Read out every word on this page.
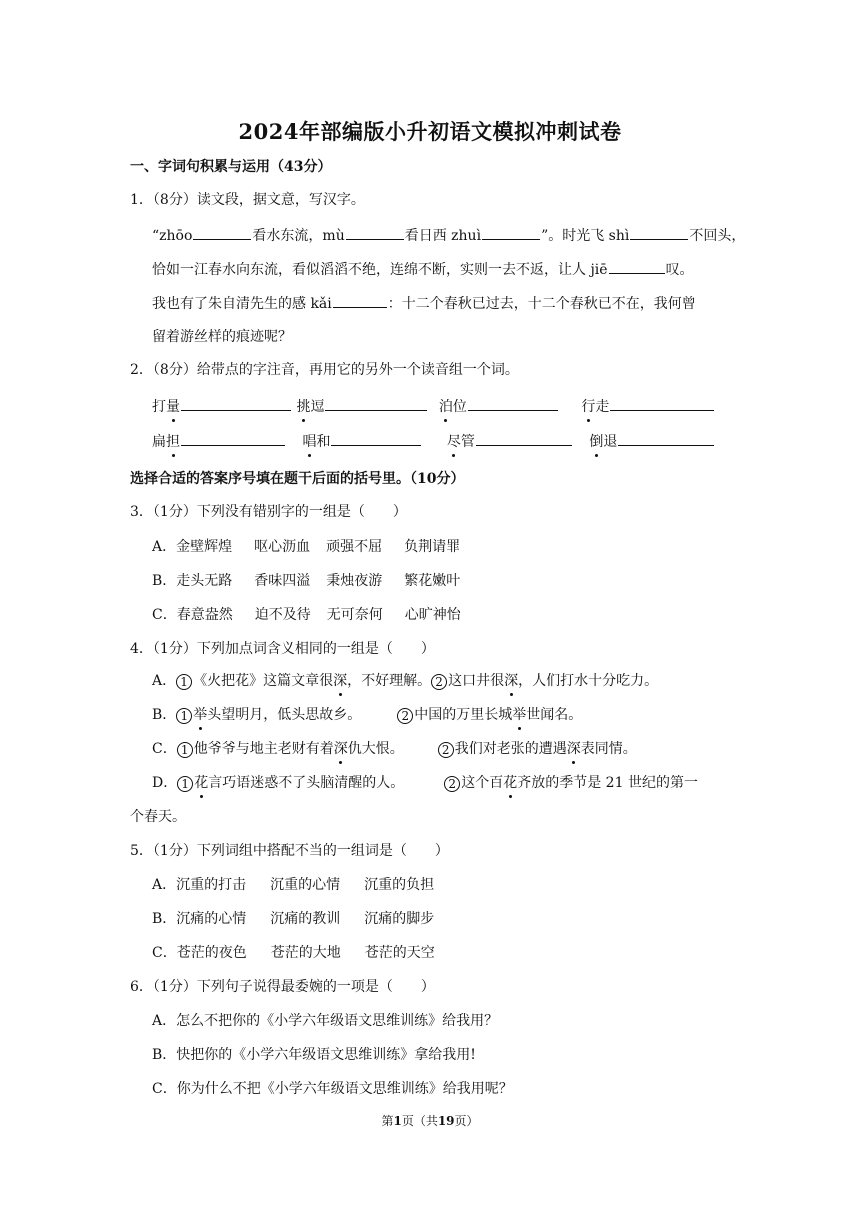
2024年部编版小升初语文模拟冲刺试卷
一、字词句积累与运用（43分）
1．（8分）读文段，据文意，写汉字。
“zhōo	看水东流，mù	看日西 zhuì	”。时光飞 shì	不回头，
恰如一江春水向东流，看似滔滔不绝，连绵不断，实则一去不返，让人 jiē	叹。
我也有了朱自清先生的感 kǎi	：十二个春秋已过去，十二个春秋已不在，我何曾
留着游丝样的痕迹呢？
2．（8分）给带点的字注音，再用它的另外一个读音组一个词。
打量	挑逗	泊位	行走
扁担	唱和	尽管	倒退
选择合适的答案序号填在题干后面的括号里。（10分）
3．（1分）下列没有错别字的一组是（　　）
A．金壁辉煌 呕心沥血 顽强不屈 负荆请罪
B．走头无路 香味四溢 秉烛夜游 繁花嫩叶
C．春意盎然 迫不及待 无可奈何 心旷神怡
4．（1分）下列加点词含义相同的一组是（　　）
A． 1 《火把花》这篇文章很深，不好理解。 2 这口井很深，人们打水十分吃力。
B． 1 举头望明月，低头思故乡。	2 中国的万里长城举世闻名。
C． 1 他爷爷与地主老财有着深仇大恨。	2 我们对老张的遭遇深表同情。
D． 1 花言巧语迷惑不了头脑清醒的人。	2 这个百花齐放的季节是 21 世纪的第一
个春天。
5．（1分）下列词组中搭配不当的一组词是（　　）
A．沉重的打击 沉重的心情 沉重的负担
B．沉痛的心情 沉痛的教训 沉痛的脚步
C．苍茫的夜色 苍茫的大地 苍茫的天空
6．（1分）下列句子说得最委婉的一项是（　　）
A．怎么不把你的《小学六年级语文思维训练》给我用？
B．快把你的《小学六年级语文思维训练》拿给我用!
C．你为什么不把《小学六年级语文思维训练》给我用呢？
第1页（共19页）
